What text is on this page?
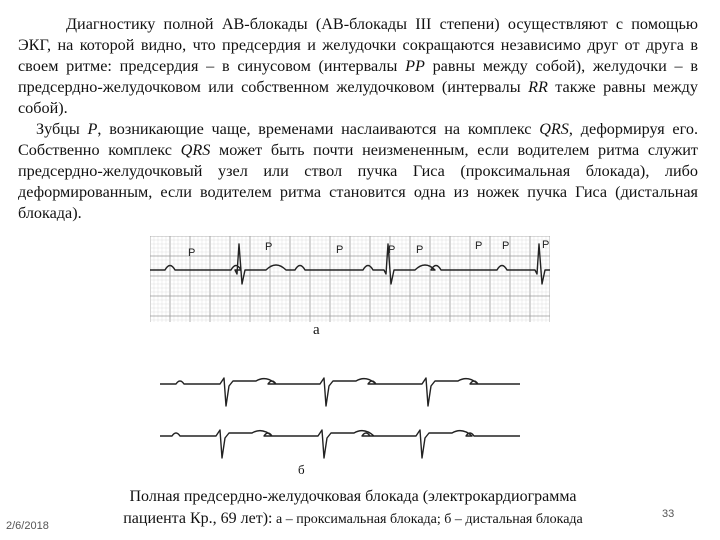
Диагностику полной АВ-блокады (АВ-блокады III степени) осуществляют с помощью ЭКГ, на которой видно, что предсердия и желудочки сокращаются независимо друг от друга в своем ритме: предсердия – в синусовом (интервалы PP равны между собой), желудочки – в предсердно-желудочковом или собственном желудочковом (интервалы RR также равны между собой).

Зубцы P, возникающие чаще, временами наслаиваются на комплекс QRS, деформируя его. Собственно комплекс QRS может быть почти неизмененным, если водителем ритма служит предсердно-желудочковый узел или ствол пучка Гиса (проксимальная блокада), либо деформированным, если водителем ритма становится одна из ножек пучка Гиса (дистальная блокада).

P	P	P	P P	P P	P
а
б
Полная предсердно-желудочковая блокада (электрокардиограмма
пациента Кр., 69 лет): а – проксимальная блокада; б – дистальная блокада
2/6/2018
33
